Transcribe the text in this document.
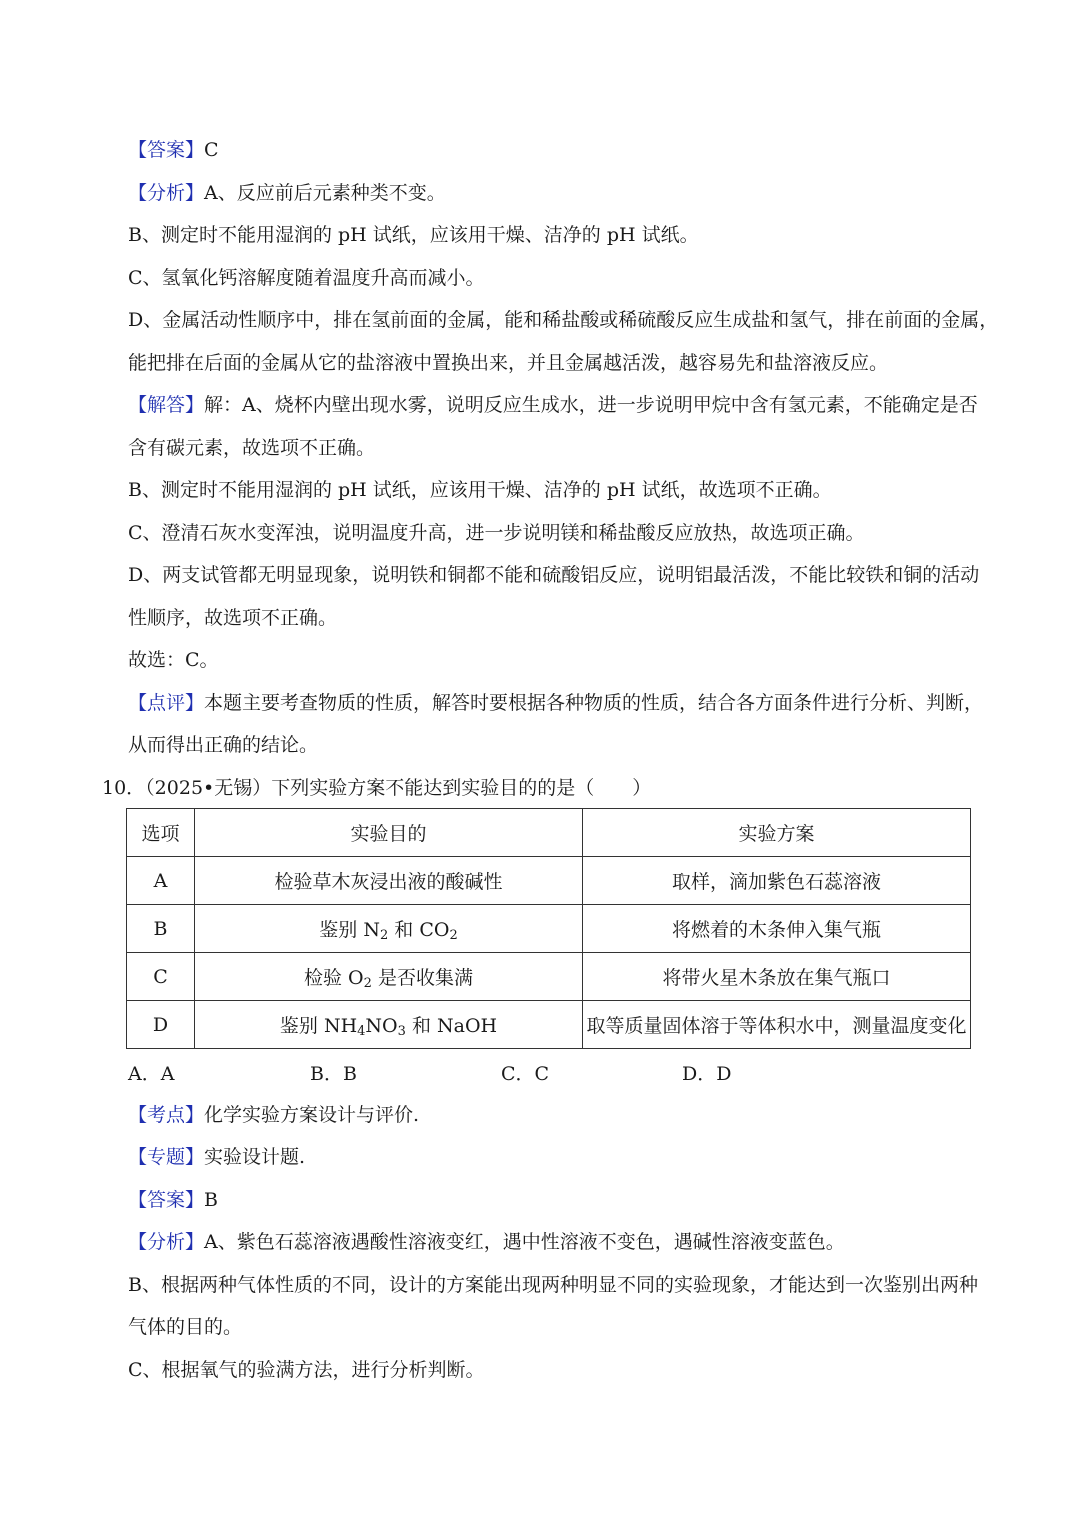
【答案】C
【分析】A、反应前后元素种类不变。
B、测定时不能用湿润的 pH 试纸，应该用干燥、洁净的 pH 试纸。
C、氢氧化钙溶解度随着温度升高而减小。
D、金属活动性顺序中，排在氢前面的金属，能和稀盐酸或稀硫酸反应生成盐和氢气，排在前面的金属，
能把排在后面的金属从它的盐溶液中置换出来，并且金属越活泼，越容易先和盐溶液反应。
【解答】解：A、烧杯内壁出现水雾，说明反应生成水，进一步说明甲烷中含有氢元素，不能确定是否
含有碳元素，故选项不正确。
B、测定时不能用湿润的 pH 试纸，应该用干燥、洁净的 pH 试纸，故选项不正确。
C、澄清石灰水变浑浊，说明温度升高，进一步说明镁和稀盐酸反应放热，故选项正确。
D、两支试管都无明显现象，说明铁和铜都不能和硫酸铝反应，说明铝最活泼，不能比较铁和铜的活动
性顺序，故选项不正确。
故选：C。
【点评】本题主要考查物质的性质，解答时要根据各种物质的性质，结合各方面条件进行分析、判断，
从而得出正确的结论。
10．（2025•无锡）下列实验方案不能达到实验目的的是（　　）
选项	实验目的	实验方案
A	检验草木灰浸出液的酸碱性	取样，滴加紫色石蕊溶液
B	鉴别 $N_2$ 和 $CO_2$	将燃着的木条伸入集气瓶
C	检验 $O_2$ 是否收集满	将带火星木条放在集气瓶口
D	鉴别 $NH_4NO_3$ 和 NaOH	取等质量固体溶于等体积水中，测量温度变化
A．A	B．B	C．C	D．D
【考点】化学实验方案设计与评价.
【专题】实验设计题.
【答案】B
【分析】A、紫色石蕊溶液遇酸性溶液变红，遇中性溶液不变色，遇碱性溶液变蓝色。
B、根据两种气体性质的不同，设计的方案能出现两种明显不同的实验现象，才能达到一次鉴别出两种
气体的目的。
C、根据氧气的验满方法，进行分析判断。
